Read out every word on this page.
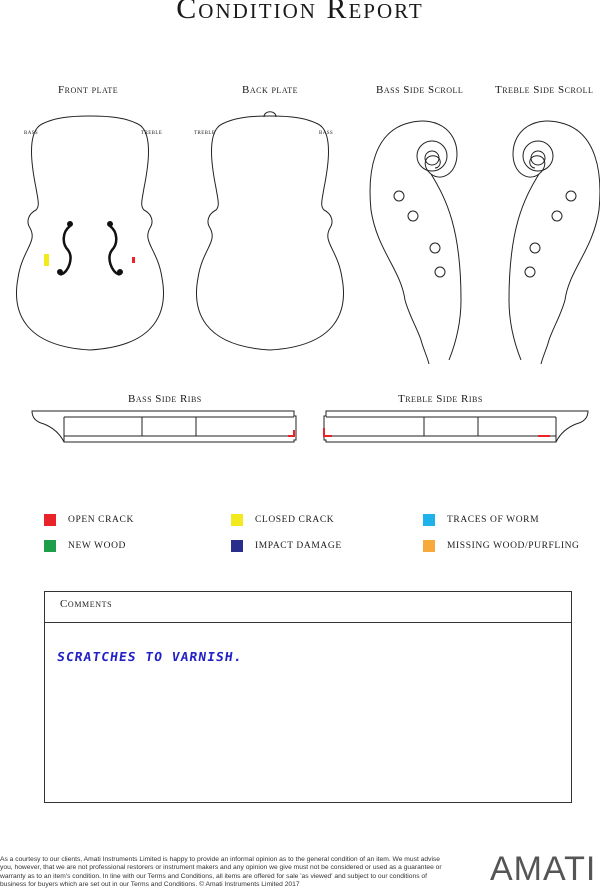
Condition Report
Front plate	Back plate	Bass Side Scroll	Treble Side Scroll
bass	treble	treble	bass
Bass Side Ribs	Treble Side Ribs
OPEN CRACK	CLOSED CRACK	TRACES OF WORM
NEW WOOD	IMPACT DAMAGE	MISSING WOOD/PURFLING
Comments
SCRATCHES TO VARNISH.
As a courtesy to our clients, Amati Instruments Limited is happy to provide an informal opinion as to the general condition of an item. We must advise you, however, that we are not professional restorers or instrument makers and any opinion we give must not be considered or used as a guarantee or warranty as to an item's condition. In line with our Terms and Conditions, all items are offered for sale 'as viewed' and subject to our conditions of business for buyers which are set out in our Terms and Conditions. © Amati Instruments Limited 2017	AMATI
